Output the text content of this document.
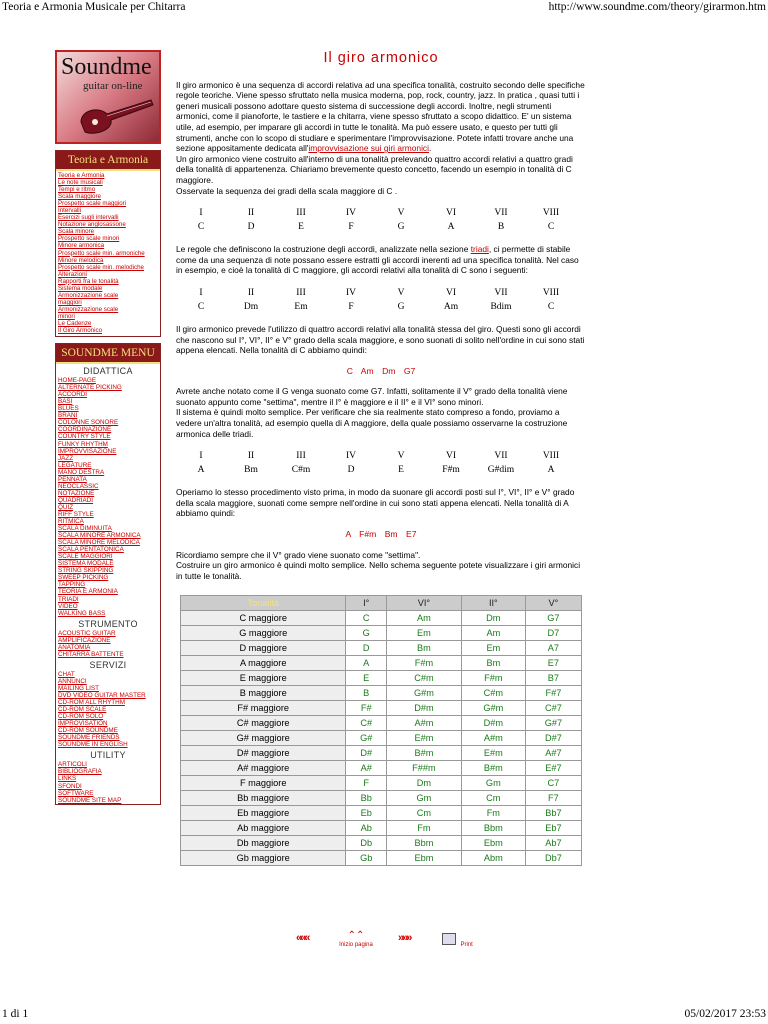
Teoria e Armonia Musicale per Chitarra	http://www.soundme.com/theory/girarmon.htm
Soundme
guitar on-line
Teoria e Armonia
Teoria e Armonia
Le note musicali
Tempi e ritmo
Scala maggiore
Prospetto scale maggiori
Intervalli
Esercizi sugli intervalli
Notazione anglosassone
Scala minore
Prospetto scale minori
Minore armonica
Prospetto scale min. armoniche
Minore melodica
Prospetto scale min. melodiche
Alterazioni
Rapporti fra le tonalità
Sistema modale
Armonizzazione scale
maggiori
Armonizzazione scale
minori
Le Cadenze
Il Giro Armonico
SOUNDME MENU
DIDATTICA
HOME-PAGE
ALTERNATE PICKING
ACCORDI
BASI
BLUES
BRANI
COLONNE SONORE
COORDINAZIONE
COUNTRY STYLE
FUNKY RHYTHM
IMPROVVISAZIONE
JAZZ
LEGATURE
MANO DESTRA
PENNATA
NEOCLASSIC
NOTAZIONE
QUADRIADI
QUIZ
RIFF STYLE
RITMICA
SCALA DIMINUITA
SCALA MINORE ARMONICA
SCALA MINORE MELODICA
SCALA PENTATONICA
SCALE MAGGIORI
SISTEMA MODALE
STRING SKIPPING
SWEEP PICKING
TAPPING
TEORIA E ARMONIA
TRIADI
VIDEO
WALKING BASS
STRUMENTO
ACOUSTIC GUITAR
AMPLIFICAZIONE
ANATOMIA
CHITARRA BATTENTE
SERVIZI
CHAT
ANNUNCI
MAILING LIST
DVD VIDEO GUITAR MASTER
CD-ROM ALL RHYTHM
CD-ROM SCALE
CD-ROM SOLO
IMPROVISATION
CD-ROM SOUNDME
SOUNDME FRIENDS
SOUNDME IN ENGLISH
UTILITY
ARTICOLI
BIBLIOGRAFIA
LINKS
SFONDI
SOFTWARE
SOUNDME SITE MAP
Il giro armonico

Il giro armonico è una sequenza di accordi relativa ad una specifica tonalità, costruito secondo delle specifiche regole teoriche. Viene spesso sfruttato nella musica moderna, pop, rock, country, jazz. In pratica , quasi tutti i generi musicali possono adottare questo sistema di successione degli accordi. Inoltre, negli strumenti armonici, come il pianoforte, le tastiere e la chitarra, viene spesso sfruttato a scopo didattico. E' un sistema utile, ad esempio, per imparare gli accordi in tutte le tonalità. Ma può essere usato, e questo per tutti gli strumenti, anche con lo scopo di studiare e sperimentare l'improvvisazione. Potete infatti trovare anche una sezione appositamente dedicata all'improvvisazione sui giri armonici.

Un giro armonico viene costruito all'interno di una tonalità prelevando quattro accordi relativi a quattro gradi della tonalità di appartenenza. Chiariamo brevemente questo concetto, facendo un esempio in tonalità di C maggiore.

Osservate la sequenza dei gradi della scala maggiore di C .

I	II	III	IV	V	VI	VII	VIII
C	D	E	F	G	A	B	C

Le regole che definiscono la costruzione degli accordi, analizzate nella sezione triadi, ci permette di stabile come da una sequenza di note possano essere estratti gli accordi inerenti ad una specifica tonalità. Nel caso in esempio, e cioè la tonalità di C maggiore, gli accordi relativi alla tonalità di C sono i seguenti:

I	II	III	IV	V	VI	VII	VIII
C	Dm	Em	F	G	Am	Bdim	C

Il giro armonico prevede l'utilizzo di quattro accordi relativi alla tonalità stessa del giro. Questi sono gli accordi che nascono sul I°, VI°, II° e V° grado della scala maggiore, e sono suonati di solito nell'ordine in cui sono stati appena elencati. Nella tonalità di C abbiamo quindi:

C Am Dm G7

Avrete anche notato come il G venga suonato come G7. Infatti, solitamente il V° grado della tonalità viene suonato appunto come "settima", mentre il I° è maggiore e il II° e il VI° sono minori.

Il sistema è quindi molto semplice. Per verificare che sia realmente stato compreso a fondo, proviamo a vedere un'altra tonalità, ad esempio quella di A maggiore, della quale possiamo osservarne la costruzione armonica delle triadi.

I	II	III	IV	V	VI	VII	VIII
A	Bm	C#m	D	E	F#m	G#dim	A

Operiamo lo stesso procedimento visto prima, in modo da suonare gli accordi posti sul I°, VI°, II° e V° grado della scala maggiore, suonati come sempre nell'ordine in cui sono stati appena elencati. Nella tonalità di A abbiamo quindi:

A F#m Bm E7

Ricordiamo sempre che il V° grado viene suonato come "settima".

Costruire un giro armonico è quindi molto semplice. Nello schema seguente potete visualizzare i giri armonici in tutte le tonalità.

Tonalità	I°	VI°	II°	V°
C maggiore	C	Am	Dm	G7
G maggiore	G	Em	Am	D7
D maggiore	D	Bm	Em	A7
A maggiore	A	F#m	Bm	E7
E maggiore	E	C#m	F#m	B7
B maggiore	B	G#m	C#m	F#7
F# maggiore	F#	D#m	G#m	C#7
C# maggiore	C#	A#m	D#m	G#7
G# maggiore	G#	E#m	A#m	D#7
D# maggiore	D#	B#m	E#m	A#7
A# maggiore	A#	F##m	B#m	E#7
F maggiore	F	Dm	Gm	C7
Bb maggiore	Bb	Gm	Cm	F7
Eb maggiore	Eb	Cm	Fm	Bb7
Ab maggiore	Ab	Fm	Bbm	Eb7
Db maggiore	Db	Bbm	Ebm	Ab7
Gb maggiore	Gb	Ebm	Abm	Db7
«««	⌃⌃
Inizio pagina
»»»
Print
1 di 1	05/02/2017 23:53
